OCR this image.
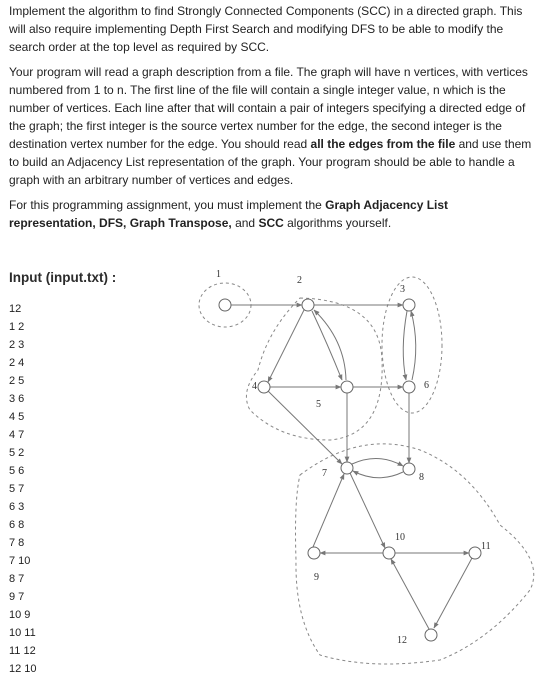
Implement the algorithm to find Strongly Connected Components (SCC) in a directed graph. This will also require implementing Depth First Search and modifying DFS to be able to modify the search order at the top level as required by SCC.

Your program will read a graph description from a file. The graph will have n vertices, with vertices numbered from 1 to n. The first line of the file will contain a single integer value, n which is the number of vertices. Each line after that will contain a pair of integers specifying a directed edge of the graph; the first integer is the source vertex number for the edge, the second integer is the destination vertex number for the edge. You should read all the edges from the file and use them to build an Adjacency List representation of the graph. Your program should be able to handle a graph with an arbitrary number of vertices and edges.

For this programming assignment, you must implement the Graph Adjacency List representation, DFS, Graph Transpose, and SCC algorithms yourself.

Input (input.txt) :
12
1 2
2 3
2 4
2 5
3 6
4 5
4 7
5 2
5 6
5 7
6 3
6 8
7 8
7 10
8 7
9 7
10 9
10 11
11 12
12 10
1
2
3
4
5
6
7	8
9
10
11
12
